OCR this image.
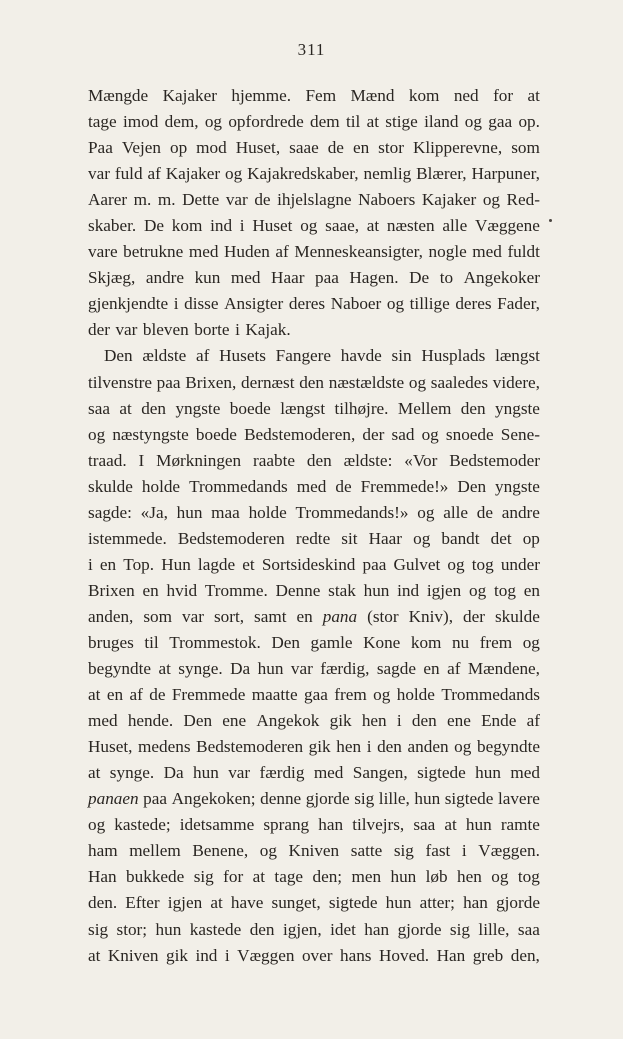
311
Mængde Kajaker hjemme. Fem Mænd kom ned for at
tage imod dem, og opfordrede dem til at stige iland og gaa op.
Paa Vejen op mod Huset, saae de en stor Klipperevne, som
var fuld af Kajaker og Kajakredskaber, nemlig Blærer, Harpuner,
Aarer m. m. Dette var de ihjelslagne Naboers Kajaker og Red-
skaber. De kom ind i Huset og saae, at næsten alle Væggene
vare betrukne med Huden af Menneskeansigter, nogle med fuldt
Skjæg, andre kun med Haar paa Hagen. De to Angekoker
gjenkjendte i disse Ansigter deres Naboer og tillige deres Fader,
der var bleven borte i Kajak.
Den ældste af Husets Fangere havde sin Husplads længst
tilvenstre paa Brixen, dernæst den næstældste og saaledes videre,
saa at den yngste boede længst tilhøjre. Mellem den yngste
og næstyngste boede Bedstemoderen, der sad og snoede Sene-
traad. I Mørkningen raabte den ældste: «Vor Bedstemoder
skulde holde Trommedands med de Fremmede!» Den yngste
sagde: «Ja, hun maa holde Trommedands!» og alle de andre
istemmede. Bedstemoderen redte sit Haar og bandt det op
i en Top. Hun lagde et Sortsideskind paa Gulvet og tog under
Brixen en hvid Tromme. Denne stak hun ind igjen og tog en
anden, som var sort, samt en pana (stor Kniv), der skulde
bruges til Trommestok. Den gamle Kone kom nu frem og
begyndte at synge. Da hun var færdig, sagde en af Mændene,
at en af de Fremmede maatte gaa frem og holde Trommedands
med hende. Den ene Angekok gik hen i den ene Ende af
Huset, medens Bedstemoderen gik hen i den anden og begyndte
at synge. Da hun var færdig med Sangen, sigtede hun med
panaen paa Angekoken; denne gjorde sig lille, hun sigtede lavere
og kastede; idetsamme sprang han tilvejrs, saa at hun ramte
ham mellem Benene, og Kniven satte sig fast i Væggen.
Han bukkede sig for at tage den; men hun løb hen og tog
den. Efter igjen at have sunget, sigtede hun atter; han gjorde
sig stor; hun kastede den igjen, idet han gjorde sig lille, saa
at Kniven gik ind i Væggen over hans Hoved. Han greb den,
